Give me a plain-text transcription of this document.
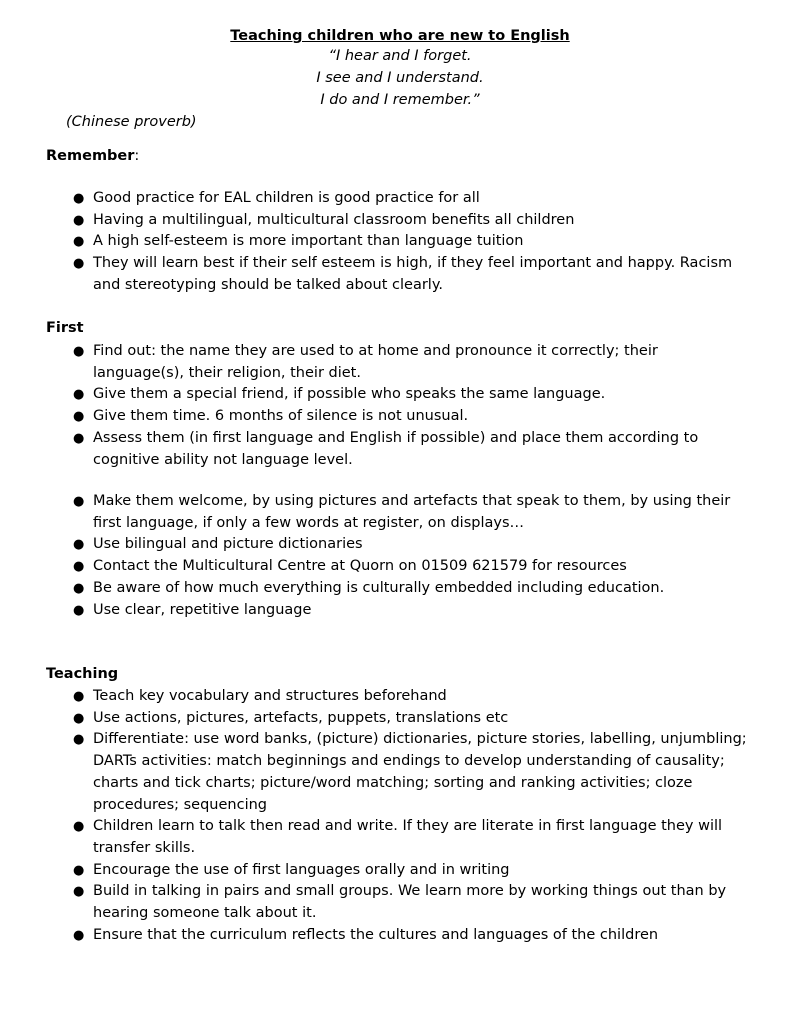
Teaching children who are new to English
“I hear and I forget.
I see and I understand.
I do and I remember.”
(Chinese proverb)
Remember:
● Good practice for EAL children is good practice for all
● Having a multilingual, multicultural classroom benefits all children
● A high self-esteem is more important than language tuition
● They will learn best if their self esteem is high, if they feel important and happy. Racism and stereotyping should be talked about clearly.
First
● Find out: the name they are used to at home and pronounce it correctly; their language(s), their religion, their diet.
● Give them a special friend, if possible who speaks the same language.
● Give them time. 6 months of silence is not unusual.
● Assess them (in first language and English if possible) and place them according to cognitive ability not language level.
● Make them welcome, by using pictures and artefacts that speak to them, by using their first language, if only a few words at register, on displays…
● Use bilingual and picture dictionaries
● Contact the Multicultural Centre at Quorn on 01509 621579 for resources
● Be aware of how much everything is culturally embedded including education.
● Use clear, repetitive language
Teaching
● Teach key vocabulary and structures beforehand
● Use actions, pictures, artefacts, puppets, translations etc
● Differentiate: use word banks, (picture) dictionaries, picture stories, labelling, unjumbling; DARTs activities: match beginnings and endings to develop understanding of causality; charts and tick charts; picture/word matching; sorting and ranking activities; cloze procedures; sequencing
● Children learn to talk then read and write. If they are literate in first language they will transfer skills.
● Encourage the use of first languages orally and in writing
● Build in talking in pairs and small groups. We learn more by working things out than by hearing someone talk about it.
● Ensure that the curriculum reflects the cultures and languages of the children
